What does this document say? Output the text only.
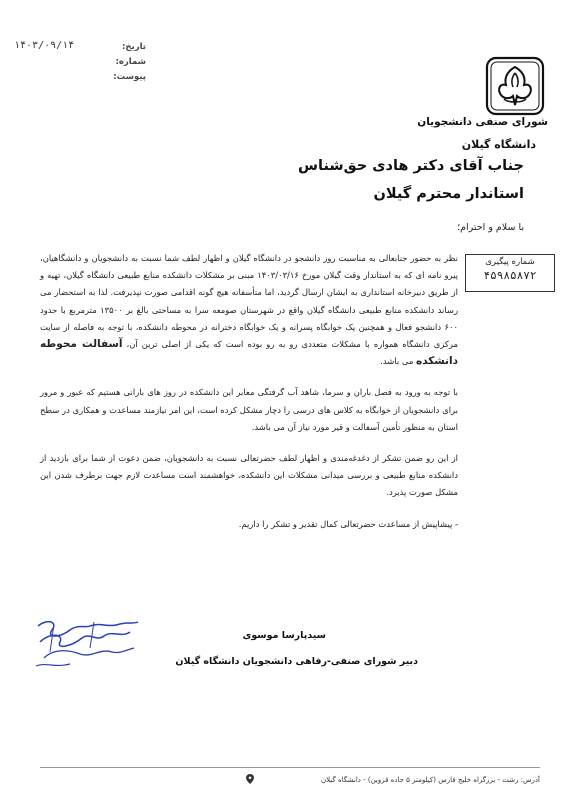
۱۴۰۳/۰۹/۱۴	تاریخ:
شماره:
پیوست:
شورای صنفی دانشجویان
دانشگاه گیلان
جناب آقای دکتر هادی حق‌شناس
استاندار محترم گیلان
با سلام و احترام؛
شماره پیگیری
۴۵۹۸۵۸۷۲

نظر به حضور جنابعالی به مناسبت روز دانشجو در دانشگاه گیلان و اظهار لطف شما نسبت به دانشجویان و دانشگاهیان، پیرو نامه ای که به استاندار وقت گیلان مورخ ۱۴۰۳/۰۳/۱۶ مبنی بر مشکلات دانشکده منابع طبیعی دانشگاه گیلان، تهیه و از طریق دبیرخانه استانداری به ایشان ارسال گردید، اما متأسفانه هیچ گونه اقدامی صورت نپذیرفت. لذا به استحضار می رساند دانشکده منابع طبیعی دانشگاه گیلان واقع در شهرستان صومعه سرا به مساحتی بالغ بر ۱۳۵۰۰ مترمربع با حدود ۶۰۰ دانشجو فعال و همچنین یک خوابگاه پسرانه و یک خوابگاه دخترانه در محوطه دانشکده، با توجه به فاصله از سایت مرکزی دانشگاه همواره با مشکلات متعددی رو به رو بوده است که یکی از اصلی ترین آن، آسفالت محوطه دانشکده می باشد.

با توجه به ورود به فصل باران و سرما، شاهد آب گرفتگی معابر این دانشکده در روز های بارانی هستیم که عبور و مرور برای دانشجویان از خوابگاه به کلاس های درسی را دچار مشکل کرده است، این امر نیازمند مساعدت و همکاری در سطح استان به منظور تأمین آسفالت و قیر مورد نیاز آن می باشد.

از این رو ضمن تشکر از دغدغه‌مندی و اظهار لطف حضرتعالی نسبت به دانشجویان، ضمن دعوت از شما برای بازدید از دانشکده منابع طبیعی و بررسی میدانی مشکلات این دانشکده، خواهشمند است مساعدت لازم جهت برطرف شدن این مشکل صورت پذیرد.

- پیشاپیش از مساعدت حضرتعالی کمال تقدیر و تشکر را داریم.

سیدپارسا موسوی
دبیر شورای صنفی-رفاهی دانشجویان دانشگاه گیلان
آدرس: رشت - بزرگراه خلیج فارس (کیلومتر ۵ جاده قزوین) - دانشگاه گیلان
